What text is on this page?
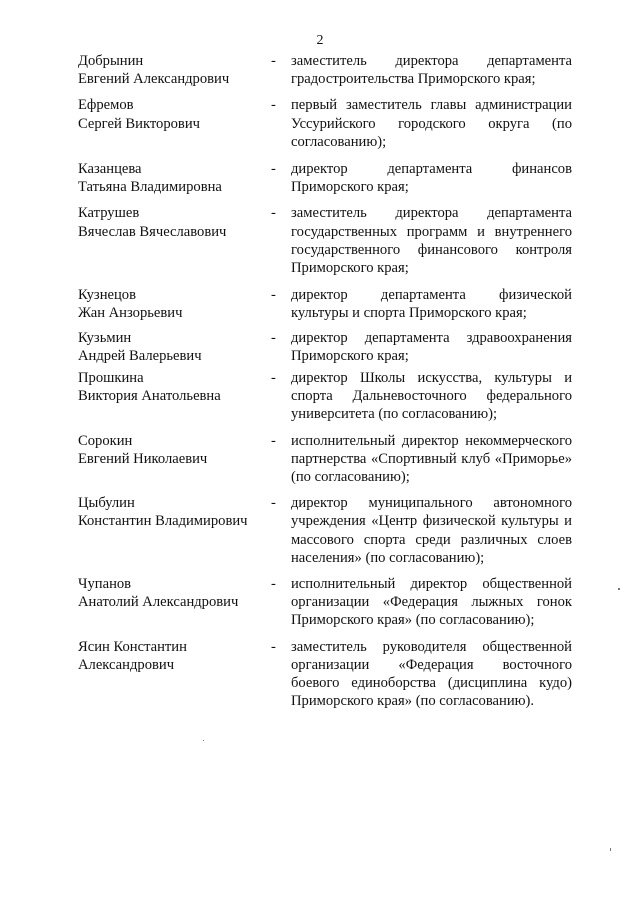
2
Добрынин
Евгений Александрович
- заместитель директора департамента градостроительства Приморского края;
Ефремов
Сергей Викторович
- первый заместитель главы администрации Уссурийского городского округа (по согласованию);
Казанцева
Татьяна Владимировна
- директор департамента финансов Приморского края;
Катрушев
Вячеслав Вячеславович
- заместитель директора департамента государственных программ и внутреннего государственного финансового контроля Приморского края;
Кузнецов
Жан Анзорьевич
- директор департамента физической культуры и спорта Приморского края;
Кузьмин
Андрей Валерьевич
- директор департамента здравоохранения Приморского края;
Прошкина
Виктория Анатольевна
- директор Школы искусства, культуры и спорта Дальневосточного федерального университета (по согласованию);
Сорокин
Евгений Николаевич
- исполнительный директор некоммерческого партнерства «Спортивный клуб «Приморье» (по согласованию);
Цыбулин
Константин Владимирович
- директор муниципального автономного учреждения «Центр физической культуры и массового спорта среди различных слоев населения» (по согласованию);
Чупанов
Анатолий Александрович
- исполнительный директор общественной организации «Федерация лыжных гонок Приморского края» (по согласованию);
Ясин Константин
Александрович
- заместитель руководителя общественной организации «Федерация восточного боевого единоборства (дисциплина кудо) Приморского края» (по согласованию).
